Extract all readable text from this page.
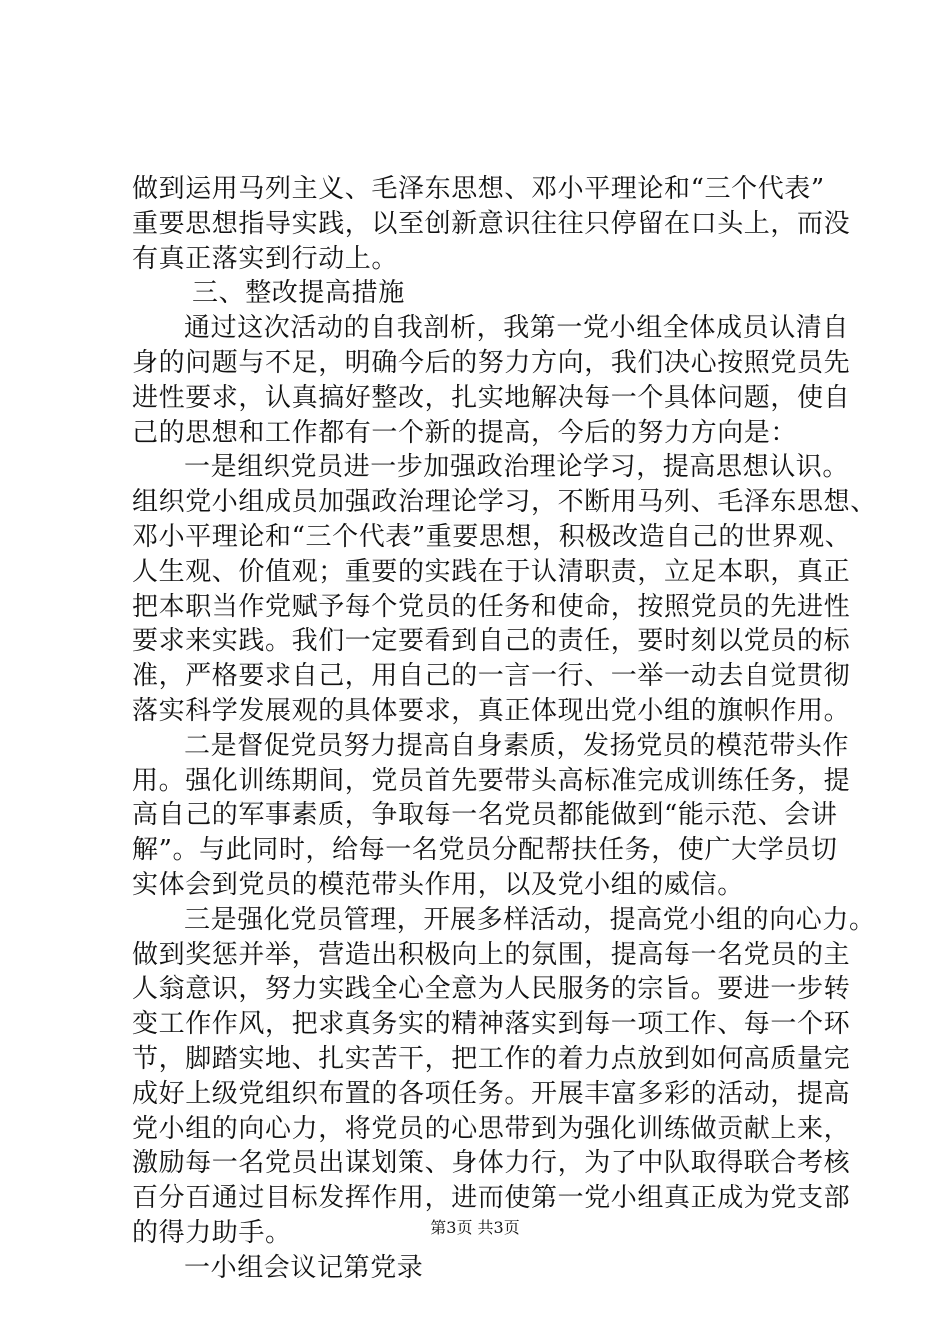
做到运用马列主义、毛泽东思想、邓小平理论和“三个代表”
重要思想指导实践，以至创新意识往往只停留在口头上，而没
有真正落实到行动上。
三、整改提高措施
通过这次活动的自我剖析，我第一党小组全体成员认清自
身的问题与不足，明确今后的努力方向，我们决心按照党员先
进性要求，认真搞好整改，扎实地解决每一个具体问题，使自
己的思想和工作都有一个新的提高，今后的努力方向是：
一是组织党员进一步加强政治理论学习，提高思想认识。
组织党小组成员加强政治理论学习，不断用马列、毛泽东思想、
邓小平理论和“三个代表”重要思想，积极改造自己的世界观、
人生观、价值观；重要的实践在于认清职责，立足本职，真正
把本职当作党赋予每个党员的任务和使命，按照党员的先进性
要求来实践。我们一定要看到自己的责任，要时刻以党员的标
准，严格要求自己，用自己的一言一行、一举一动去自觉贯彻
落实科学发展观的具体要求，真正体现出党小组的旗帜作用。
二是督促党员努力提高自身素质，发扬党员的模范带头作
用。强化训练期间，党员首先要带头高标准完成训练任务，提
高自己的军事素质，争取每一名党员都能做到“能示范、会讲
解”。与此同时，给每一名党员分配帮扶任务，使广大学员切
实体会到党员的模范带头作用，以及党小组的威信。
三是强化党员管理，开展多样活动，提高党小组的向心力。
做到奖惩并举，营造出积极向上的氛围，提高每一名党员的主
人翁意识，努力实践全心全意为人民服务的宗旨。要进一步转
变工作作风，把求真务实的精神落实到每一项工作、每一个环
节，脚踏实地、扎实苦干，把工作的着力点放到如何高质量完
成好上级党组织布置的各项任务。开展丰富多彩的活动，提高
党小组的向心力，将党员的心思带到为强化训练做贡献上来，
激励每一名党员出谋划策、身体力行，为了中队取得联合考核
百分百通过目标发挥作用，进而使第一党小组真正成为党支部
的得力助手。
一小组会议记第党录
第3页 共3页
